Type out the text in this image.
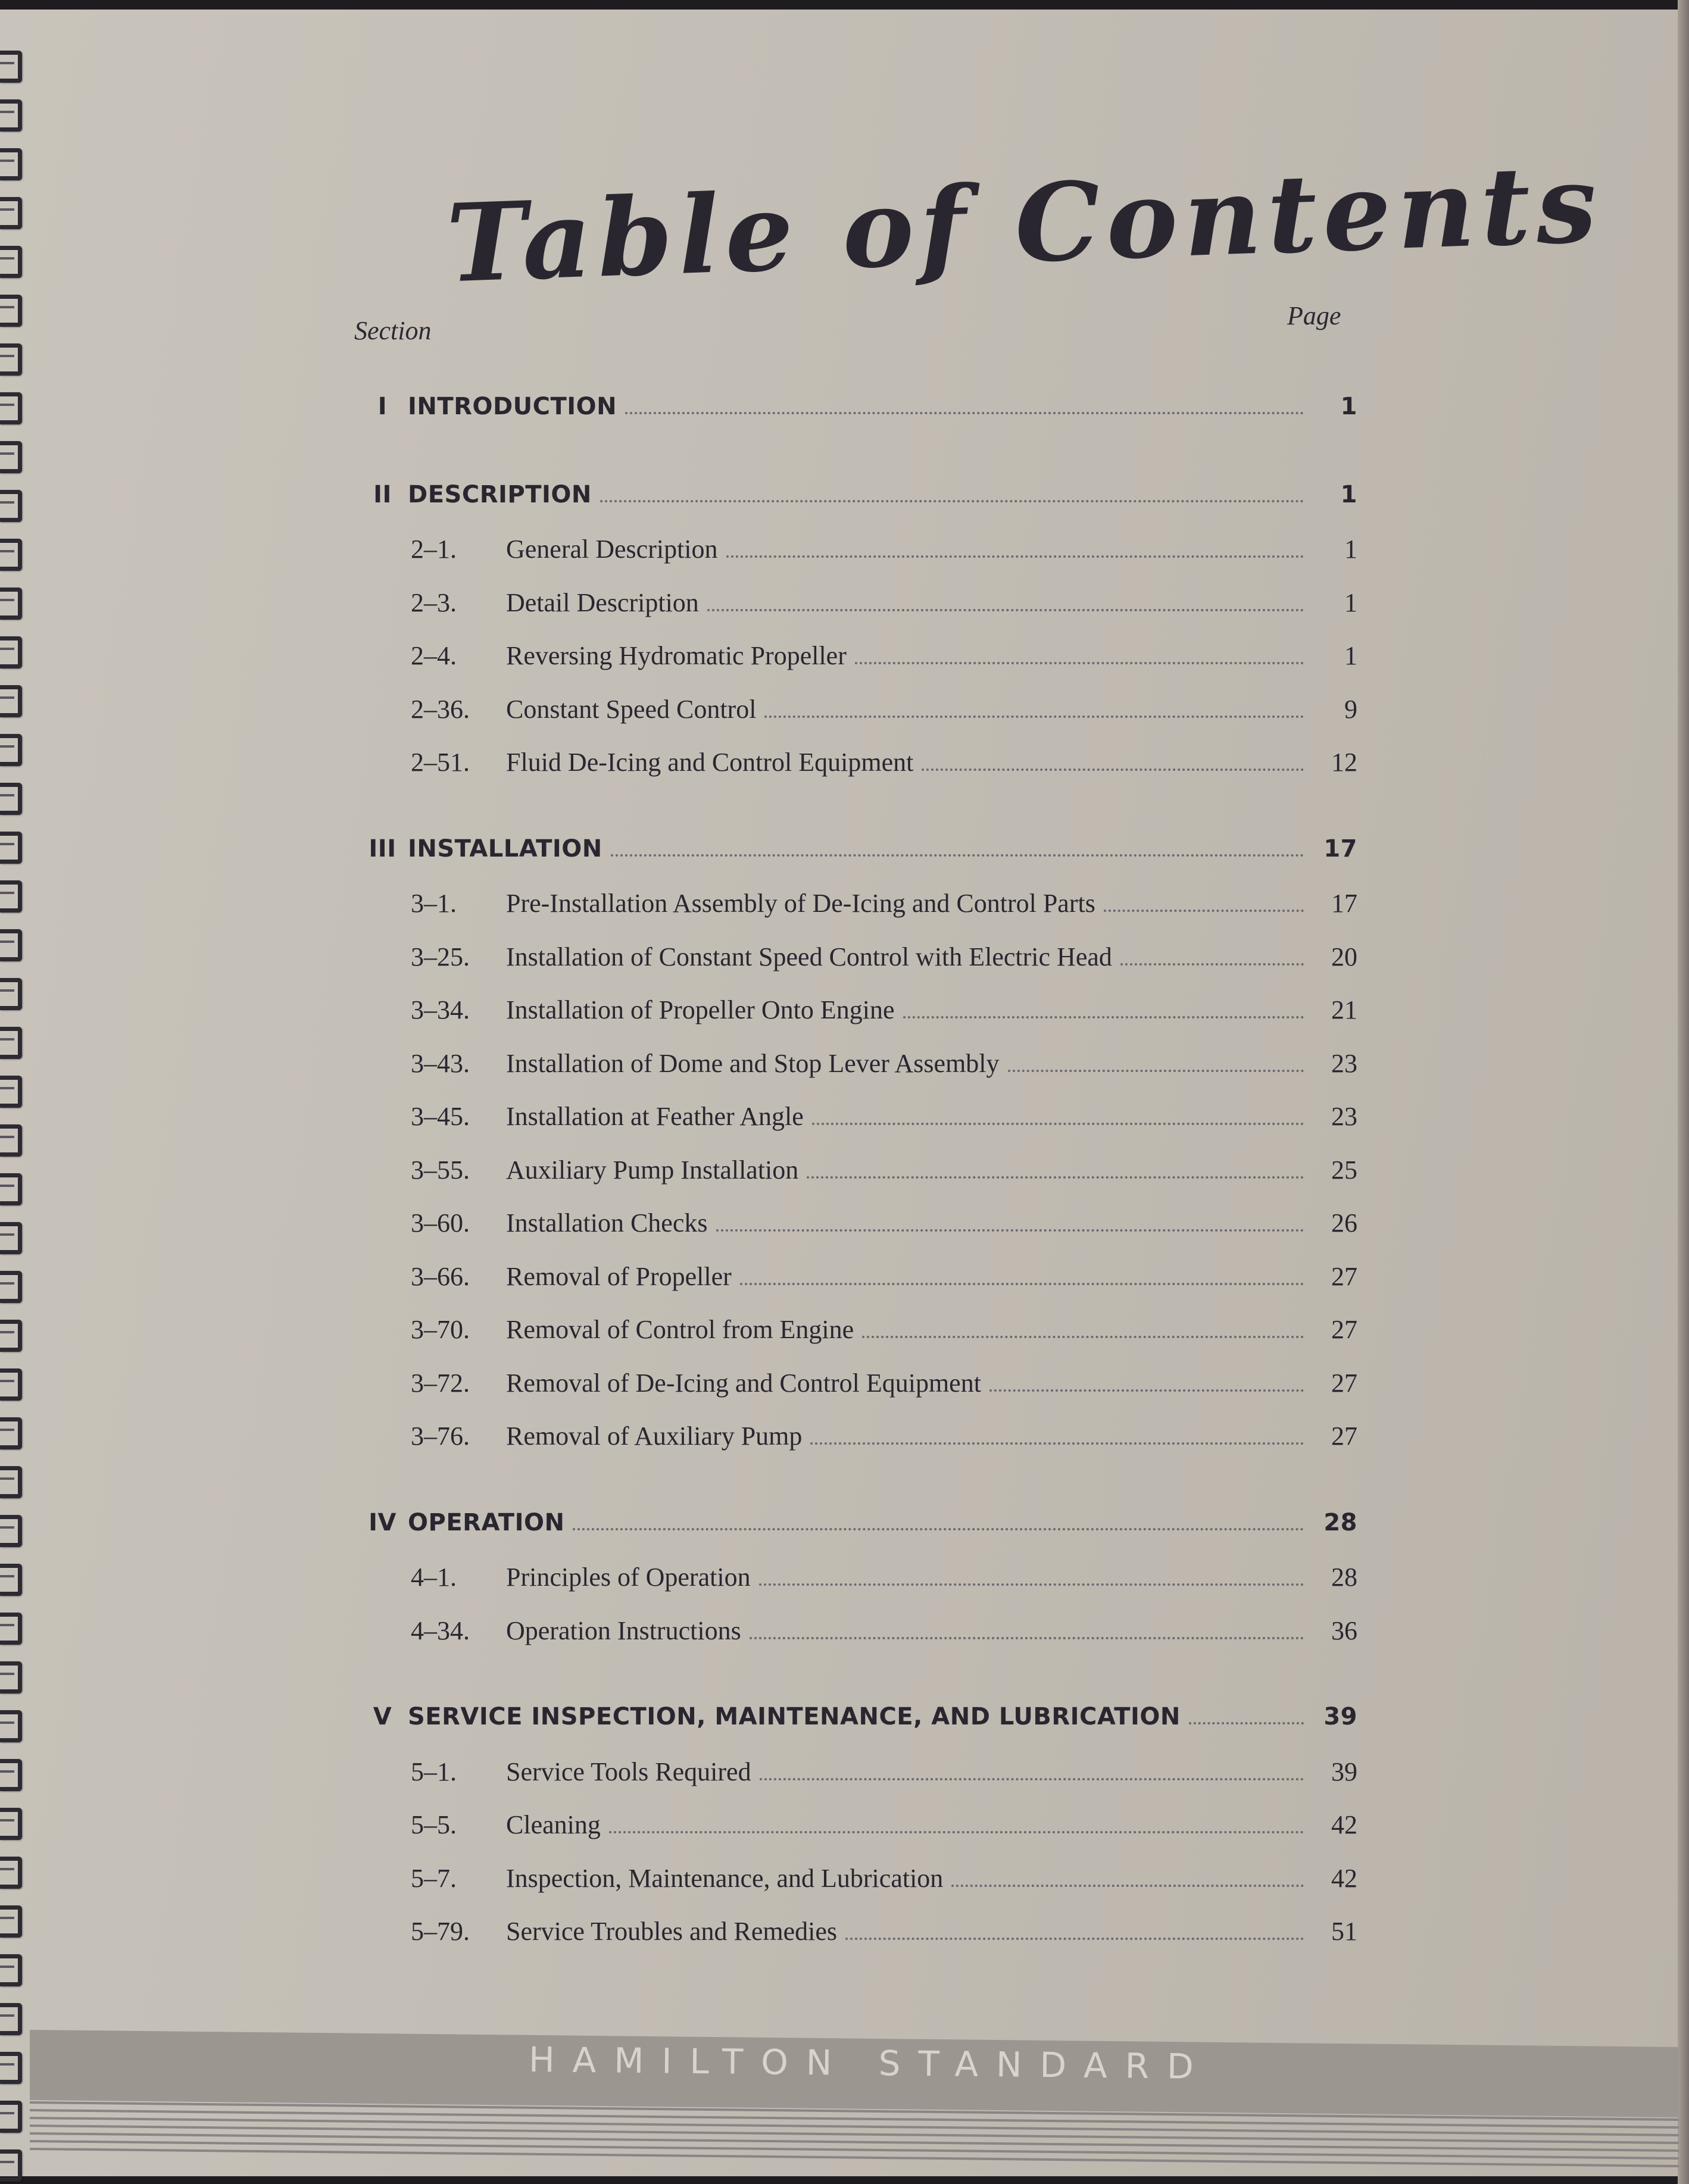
Table of Contents
Section
Page
I INTRODUCTION	1
II DESCRIPTION	1
2–1.	General Description	1
2–3.	Detail Description	1
2–4.	Reversing Hydromatic Propeller	1
2–36.	Constant Speed Control	9
2–51.	Fluid De-Icing and Control Equipment	12
III INSTALLATION	17
3–1.	Pre-Installation Assembly of De-Icing and Control Parts	17
3–25.	Installation of Constant Speed Control with Electric Head	20
3–34.	Installation of Propeller Onto Engine	21
3–43.	Installation of Dome and Stop Lever Assembly	23
3–45.	Installation at Feather Angle	23
3–55.	Auxiliary Pump Installation	25
3–60.	Installation Checks	26
3–66.	Removal of Propeller	27
3–70.	Removal of Control from Engine	27
3–72.	Removal of De-Icing and Control Equipment	27
3–76.	Removal of Auxiliary Pump	27
IV OPERATION	28
4–1.	Principles of Operation	28
4–34.	Operation Instructions	36
V SERVICE INSPECTION, MAINTENANCE, AND LUBRICATION	39
5–1.	Service Tools Required	39
5–5.	Cleaning	42
5–7.	Inspection, Maintenance, and Lubrication	42
5–79.	Service Troubles and Remedies	51
HAMILTON STANDARD
